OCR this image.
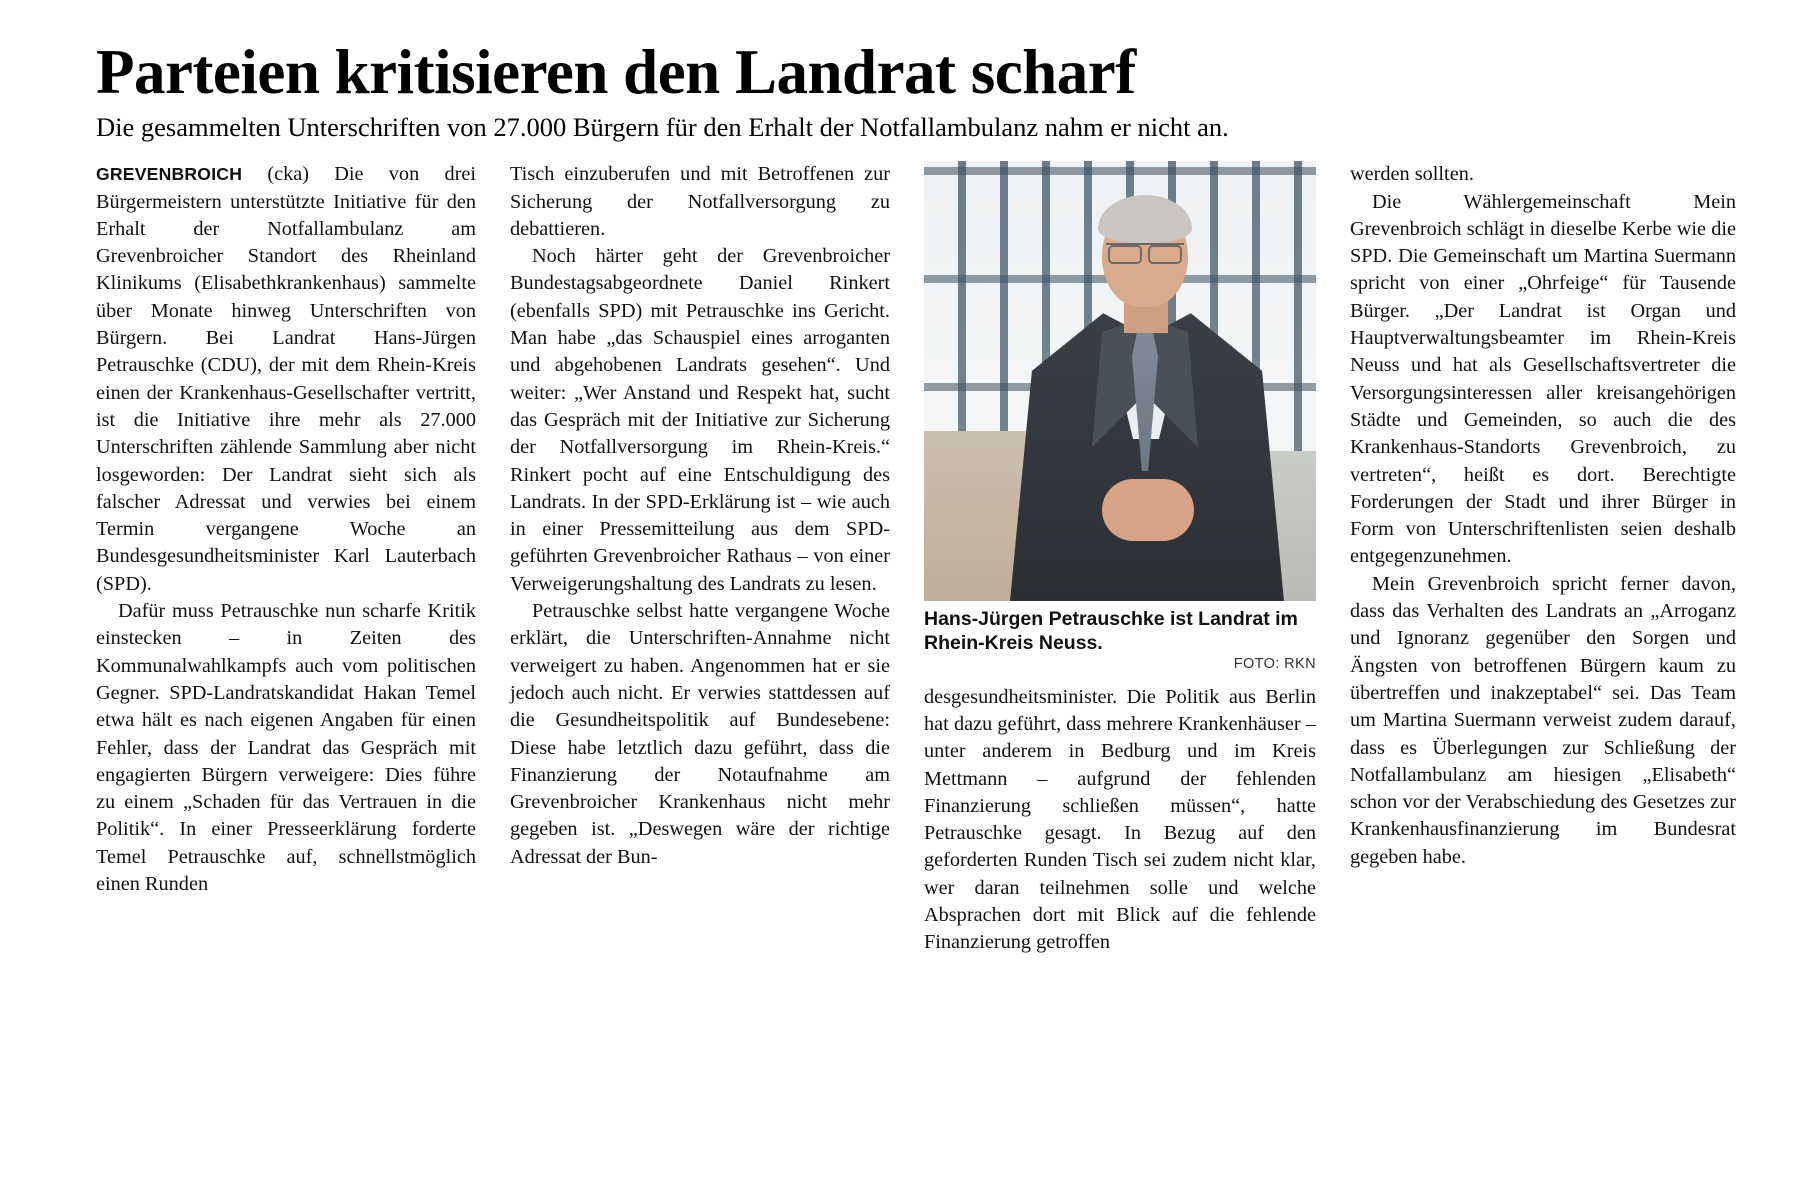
Parteien kritisieren den Landrat scharf
Die gesammelten Unterschriften von 27.000 Bürgern für den Erhalt der Notfallambulanz nahm er nicht an.

GREVENBROICH (cka) Die von drei Bürgermeistern unterstützte Initiative für den Erhalt der Notfallambulanz am Grevenbroicher Standort des Rheinland Klinikums (Elisabethkrankenhaus) sammelte über Monate hinweg Unterschriften von Bürgern. Bei Landrat Hans-Jürgen Petrauschke (CDU), der mit dem Rhein-Kreis einen der Krankenhaus-Gesellschafter vertritt, ist die Initiative ihre mehr als 27.000 Unterschriften zählende Sammlung aber nicht losgeworden: Der Landrat sieht sich als falscher Adressat und verwies bei einem Termin vergangene Woche an Bundesgesundheitsminister Karl Lauterbach (SPD).

Dafür muss Petrauschke nun scharfe Kritik einstecken – in Zeiten des Kommunalwahlkampfs auch vom politischen Gegner. SPD-Landratskandidat Hakan Temel etwa hält es nach eigenen Angaben für einen Fehler, dass der Landrat das Gespräch mit engagierten Bürgern verweigere: Dies führe zu einem „Schaden für das Vertrauen in die Politik“. In einer Presseerklärung forderte Temel Petrauschke auf, schnellstmöglich einen Runden

Tisch einzuberufen und mit Betroffenen zur Sicherung der Notfallversorgung zu debattieren.

Noch härter geht der Grevenbroicher Bundestagsabgeordnete Daniel Rinkert (ebenfalls SPD) mit Petrauschke ins Gericht. Man habe „das Schauspiel eines arroganten und abgehobenen Landrats gesehen“. Und weiter: „Wer Anstand und Respekt hat, sucht das Gespräch mit der Initiative zur Sicherung der Notfallversorgung im Rhein-Kreis.“ Rinkert pocht auf eine Entschuldigung des Landrats. In der SPD-Erklärung ist – wie auch in einer Pressemitteilung aus dem SPD-geführten Grevenbroicher Rathaus – von einer Verweigerungshaltung des Landrats zu lesen.

Petrauschke selbst hatte vergangene Woche erklärt, die Unterschriften-Annahme nicht verweigert zu haben. Angenommen hat er sie jedoch auch nicht. Er verwies stattdessen auf die Gesundheitspolitik auf Bundesebene: Diese habe letztlich dazu geführt, dass die Finanzierung der Notaufnahme am Grevenbroicher Krankenhaus nicht mehr gegeben ist. „Deswegen wäre der richtige Adressat der Bun-

Hans-Jürgen Petrauschke ist Landrat im Rhein-Kreis Neuss.
FOTO: RKN

desgesundheitsminister. Die Politik aus Berlin hat dazu geführt, dass mehrere Krankenhäuser – unter anderem in Bedburg und im Kreis Mettmann – aufgrund der fehlenden Finanzierung schließen müssen“, hatte Petrauschke gesagt. In Bezug auf den geforderten Runden Tisch sei zudem nicht klar, wer daran teilnehmen solle und welche Absprachen dort mit Blick auf die fehlende Finanzierung getroffen

werden sollten.

Die Wählergemeinschaft Mein Grevenbroich schlägt in dieselbe Kerbe wie die SPD. Die Gemeinschaft um Martina Suermann spricht von einer „Ohrfeige“ für Tausende Bürger. „Der Landrat ist Organ und Hauptverwaltungsbeamter im Rhein-Kreis Neuss und hat als Gesellschaftsvertreter die Versorgungsinteressen aller kreisangehörigen Städte und Gemeinden, so auch die des Krankenhaus-Standorts Grevenbroich, zu vertreten“, heißt es dort. Berechtigte Forderungen der Stadt und ihrer Bürger in Form von Unterschriftenlisten seien deshalb entgegenzunehmen.

Mein Grevenbroich spricht ferner davon, dass das Verhalten des Landrats an „Arroganz und Ignoranz gegenüber den Sorgen und Ängsten von betroffenen Bürgern kaum zu übertreffen und inakzeptabel“ sei. Das Team um Martina Suermann verweist zudem darauf, dass es Überlegungen zur Schließung der Notfallambulanz am hiesigen „Elisabeth“ schon vor der Verabschiedung des Gesetzes zur Krankenhausfinanzierung im Bundesrat gegeben habe.
